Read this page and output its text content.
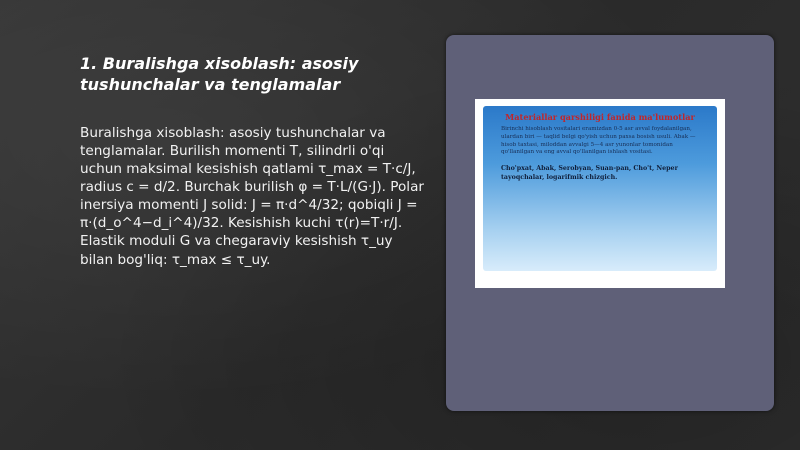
1. Buralishga xisoblash: asosiy tushunchalar va tenglamalar

Buralishga xisoblash: asosiy tushunchalar va tenglamalar. Burilish momenti T, silindrli o'qi uchun maksimal kesishish qatlami τ_max = T·c/J, radius c = d/2. Burchak burilish φ = T·L/(G·J). Polar inersiya momenti J solid: J = π·d^4/32; qobiqli J = π·(d_o^4−d_i^4)/32. Kesishish kuchi τ(r)=T·r/J. Elastik moduli G va chegaraviy kesishish τ_uy bilan bog'liq: τ_max ≤ τ_uy.

Materiallar qarshiligi fanida ma'lumotlar
Birinchi hisoblash vositalari eramizdan 0-5 asr avval foydalanilgan, ulardan biri — taqlid belgi qo'yish uchun paxsa bosish usuli. Abak — hisob taxtasi, miloddan avvalgi 5—4 asr yunonlar tomonidan qo'llanilgan va eng avval qo'llanilgan ishlash vositasi.
Cho'pxat, Abak, Serobyan, Suan-pan, Cho't, Neper tayoqchalar, logarifmik chizgich.
